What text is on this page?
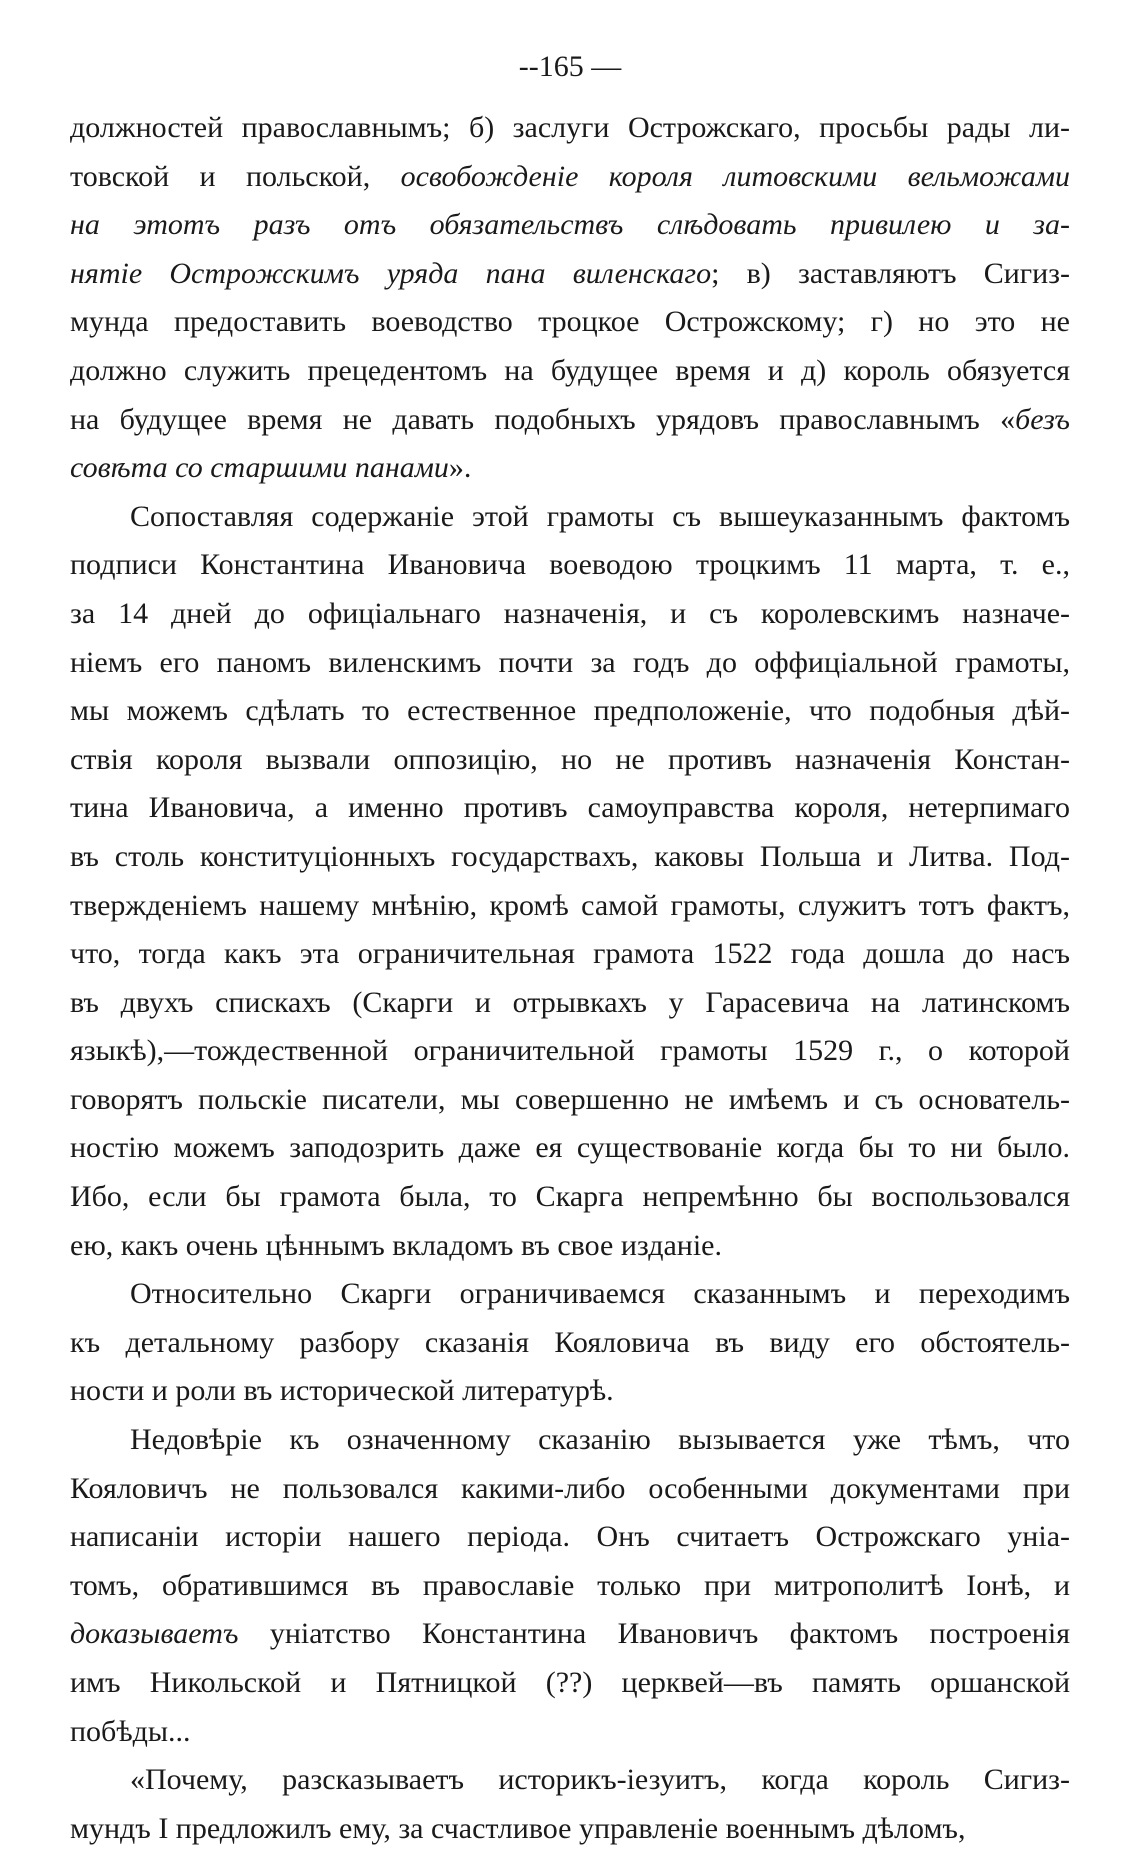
--165 —
должностей православнымъ; б) заслуги Острожскаго, просьбы рады ли-
товской и польской, освобожденіе короля литовскими вельможами
на этотъ разъ отъ обязательствъ слѣдовать привилею и за-
нятіе Острожскимъ уряда пана виленскаго; в) заставляютъ Сигиз-
мунда предоставить воеводство троцкое Острожскому; г) но это не
должно служить прецедентомъ на будущее время и д) король обязуется
на будущее время не давать подобныхъ урядовъ православнымъ «безъ
совѣта со старшими панами».
Сопоставляя содержаніе этой грамоты съ вышеуказаннымъ фактомъ
подписи Константина Ивановича воеводою троцкимъ 11 марта, т. е.,
за 14 дней до офиціальнаго назначенія, и съ королевскимъ назначе-
ніемъ его паномъ виленскимъ почти за годъ до оффиціальной грамоты,
мы можемъ сдѣлать то естественное предположеніе, что подобныя дѣй-
ствія короля вызвали оппозицію, но не противъ назначенія Констан-
тина Ивановича, а именно противъ самоуправства короля, нетерпимаго
въ столь конституціонныхъ государствахъ, каковы Польша и Литва. Под-
твержденіемъ нашему мнѣнію, кромѣ самой грамоты, служитъ тотъ фактъ,
что, тогда какъ эта ограничительная грамота 1522 года дошла до насъ
въ двухъ спискахъ (Скарги и отрывкахъ у Гарасевича на латинскомъ
языкѣ),—тождественной ограничительной грамоты 1529 г., о которой
говорятъ польскіе писатели, мы совершенно не имѣемъ и съ основатель-
ностію можемъ заподозрить даже ея существованіе когда бы то ни было.
Ибо, если бы грамота была, то Скарга непремѣнно бы воспользовался
ею, какъ очень цѣннымъ вкладомъ въ свое изданіе.
Относительно Скарги ограничиваемся сказаннымъ и переходимъ
къ детальному разбору сказанія Кояловича въ виду его обстоятель-
ности и роли въ исторической литературѣ.
Недовѣріе къ означенному сказанію вызывается уже тѣмъ, что
Кояловичъ не пользовался какими-либо особенными документами при
написаніи исторіи нашего періода. Онъ считаетъ Острожскаго уніа-
томъ, обратившимся въ православіе только при митрополитѣ Іонѣ, и
доказываетъ уніатство Константина Ивановичъ фактомъ построенія
имъ Никольской и Пятницкой (??) церквей—въ память оршанской
побѣды...
«Почему, разсказываетъ историкъ-іезуитъ, когда король Сигиз-
мундъ I предложилъ ему, за счастливое управленіе военнымъ дѣломъ,
